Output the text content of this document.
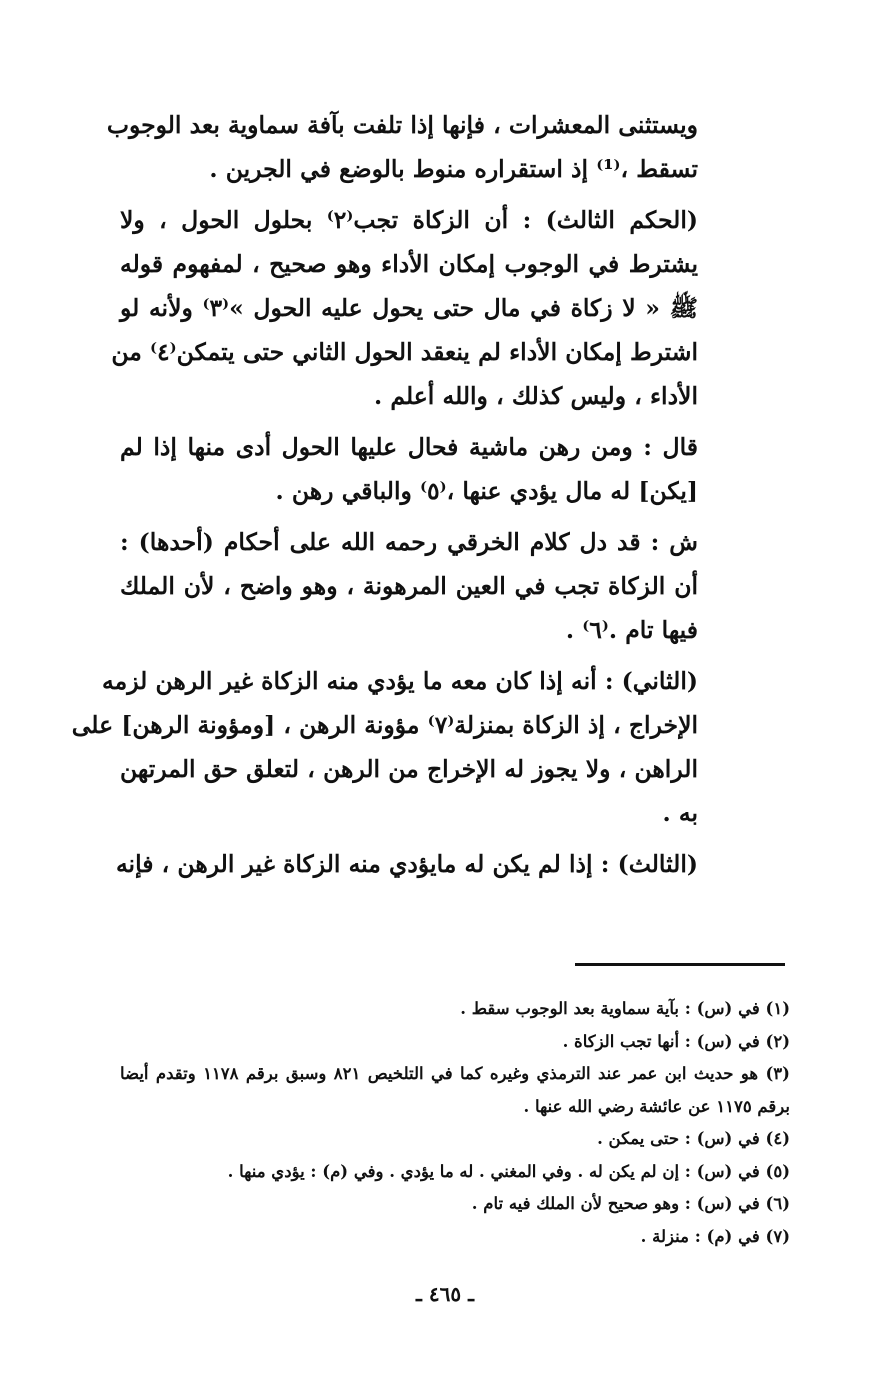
ويستثنى المعشرات ، فإنها إذا تلفت بآفة سماوية بعد الوجوب
تسقط ،⁽¹⁾ إذ استقراره منوط بالوضع في الجرين .
(الحكم الثالث) : أن الزكاة تجب⁽٢⁾ بحلول الحول ، ولا
يشترط في الوجوب إمكان الأداء وهو صحيح ، لمفهوم قوله
ﷺ « لا زكاة في مال حتى يحول عليه الحول »⁽٣⁾ ولأنه لو
اشترط إمكان الأداء لم ينعقد الحول الثاني حتى يتمكن⁽٤⁾ من
الأداء ، وليس كذلك ، والله أعلم .
قال : ومن رهن ماشية فحال عليها الحول أدى منها إذا لم
[يكن] له مال يؤدي عنها ،⁽٥⁾ والباقي رهن .
ش : قد دل كلام الخرقي رحمه الله على أحكام (أحدها) :
أن الزكاة تجب في العين المرهونة ، وهو واضح ، لأن الملك
فيها تام .⁽٦⁾ .
(الثاني) : أنه إذا كان معه ما يؤدي منه الزكاة غير الرهن لزمه
الإخراج ، إذ الزكاة بمنزلة⁽٧⁾ مؤونة الرهن ، [ومؤونة الرهن] على
الراهن ، ولا يجوز له الإخراج من الرهن ، لتعلق حق المرتهن
به .
(الثالث) : إذا لم يكن له مايؤدي منه الزكاة غير الرهن ، فإنه
(١) في (س) : بآية سماوية بعد الوجوب سقط .
(٢) في (س) : أنها تجب الزكاة .
(٣) هو حديث ابن عمر عند الترمذي وغيره كما في التلخيص ٨٢١ وسبق برقم ١١٧٨ وتقدم أيضا
برقم ١١٧٥ عن عائشة رضي الله عنها .
(٤) في (س) : حتى يمكن .
(٥) في (س) : إن لم يكن له . وفي المغني . له ما يؤدي . وفي (م) : يؤدي منها .
(٦) في (س) : وهو صحيح لأن الملك فيه تام .
(٧) في (م) : منزلة .
ـ ٤٦٥ ـ
